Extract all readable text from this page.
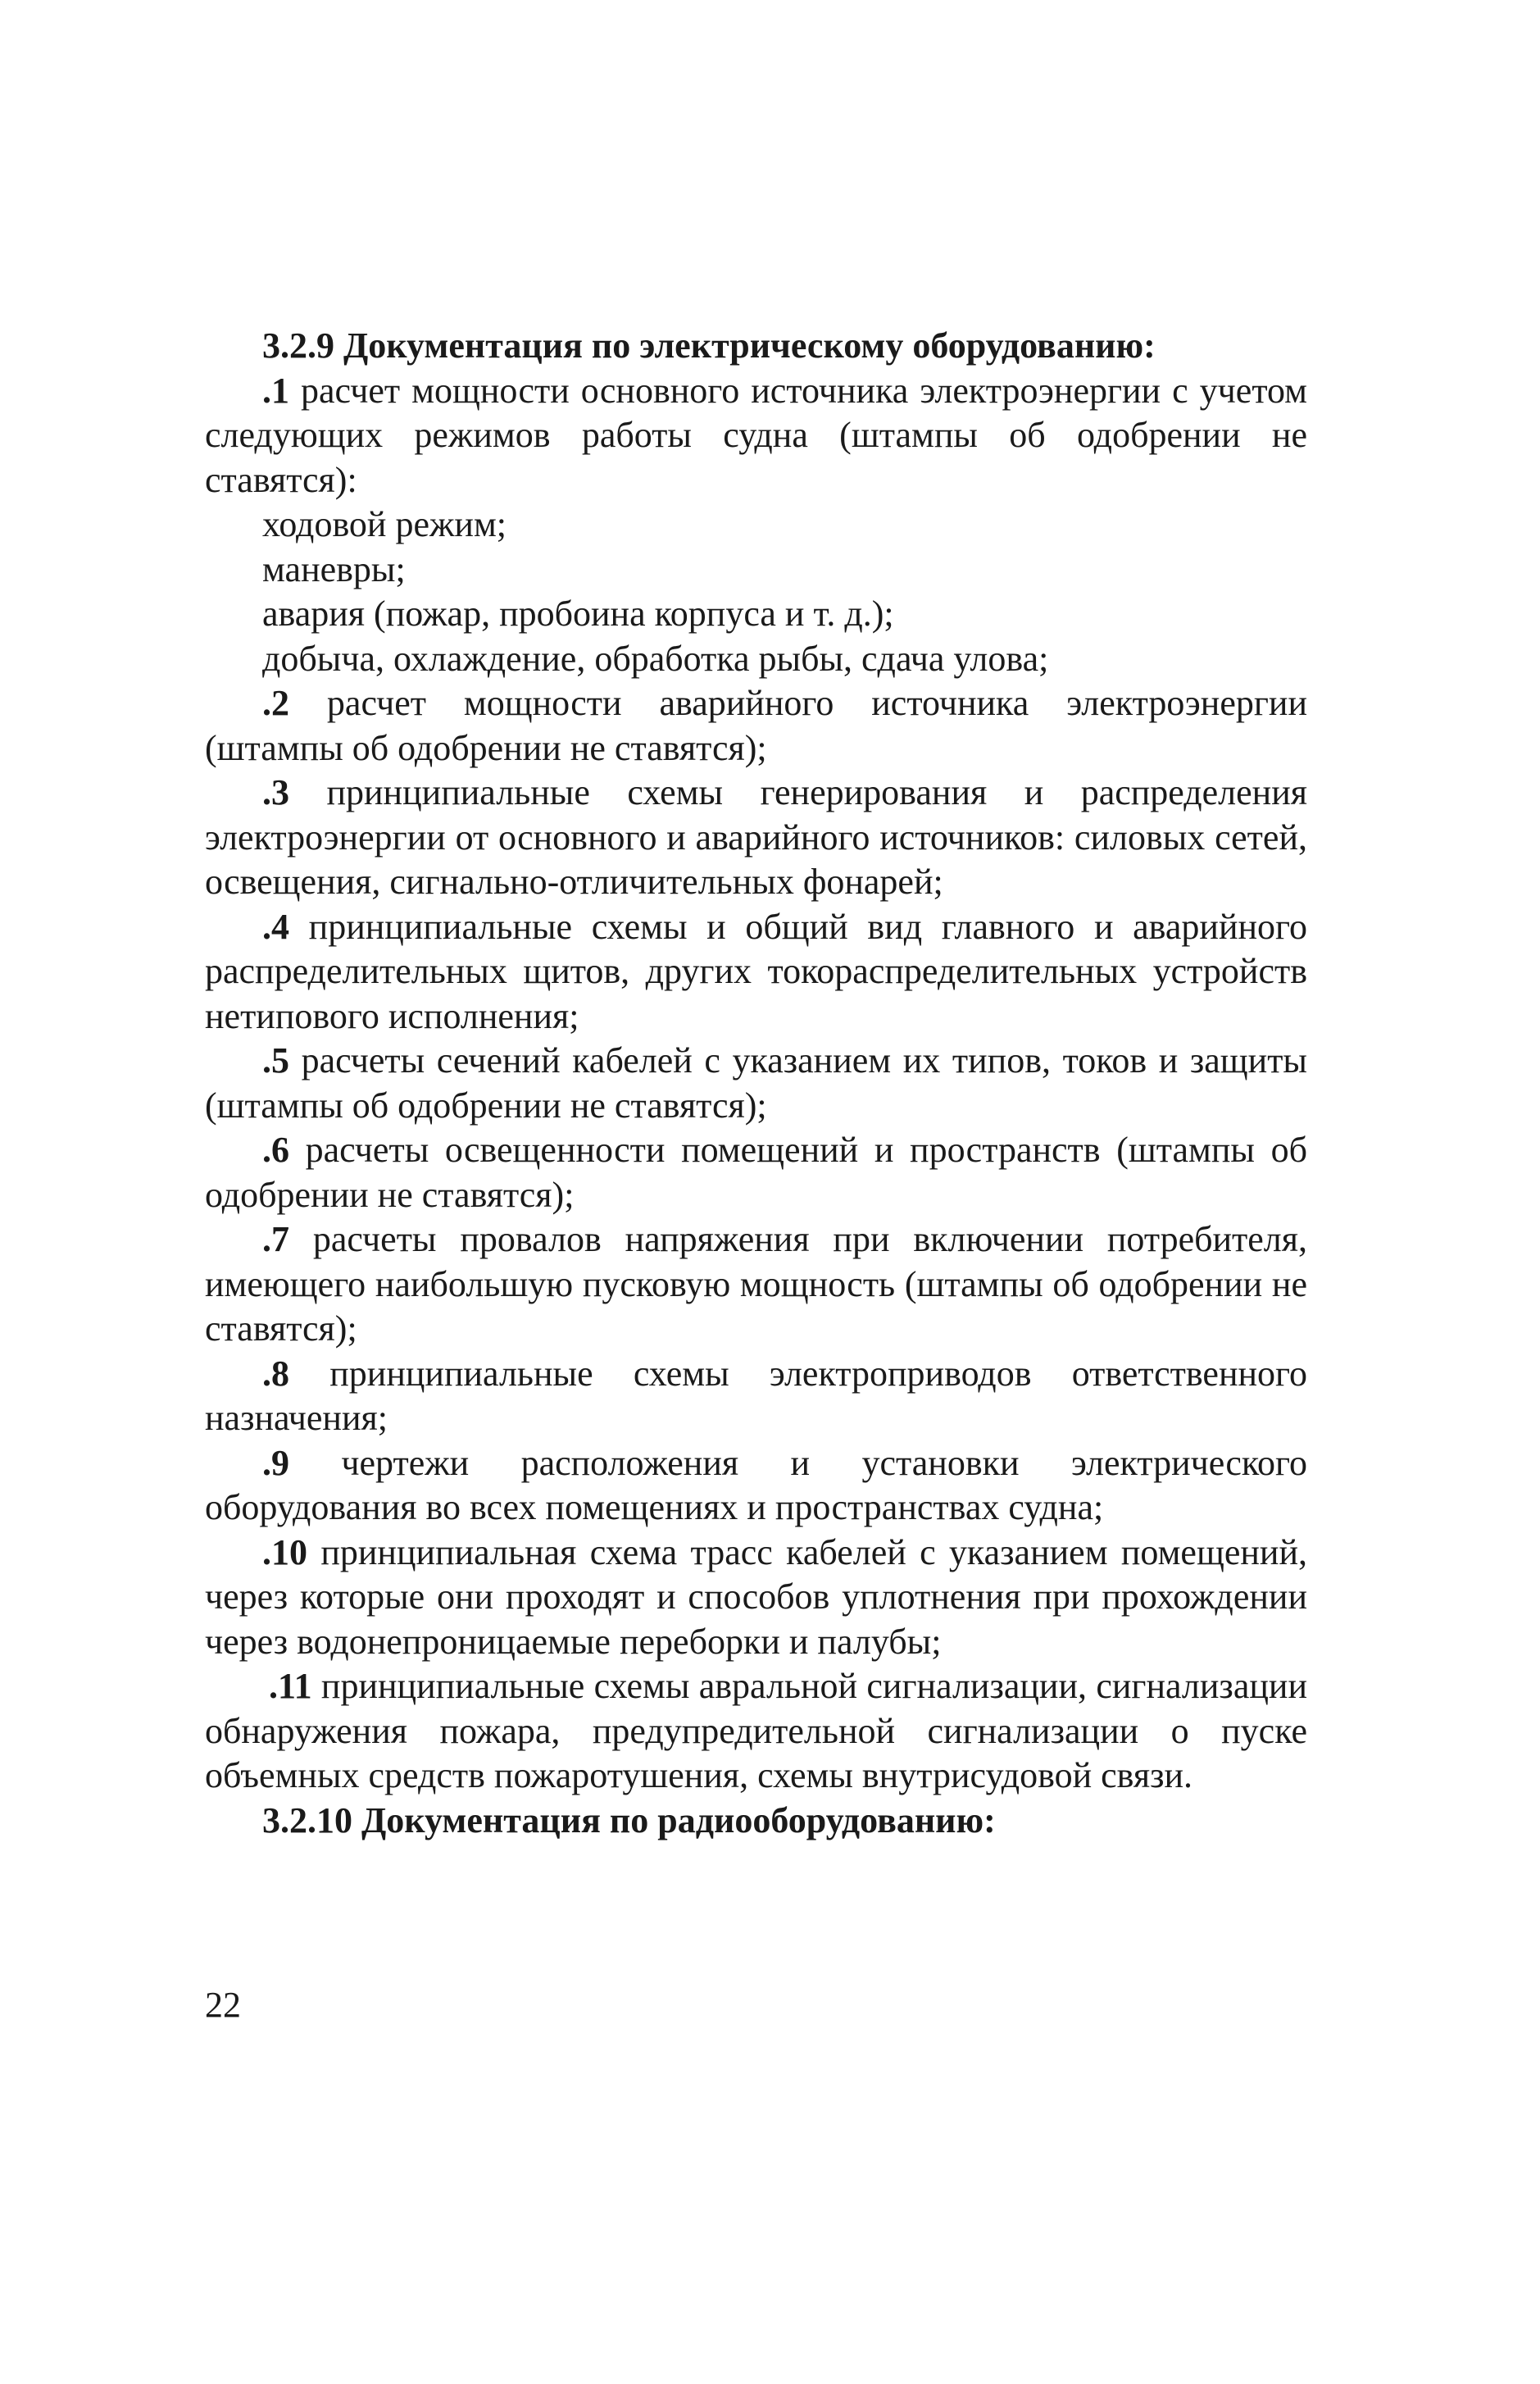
3.2.9 Документация по электрическому оборудованию:

.1 расчет мощности основного источника электроэнергии с учетом следующих режимов работы судна (штампы об одобрении не ставятся):

ходовой режим;

маневры;

авария (пожар, пробоина корпуса и т. д.);

добыча, охлаждение, обработка рыбы, сдача улова;

.2 расчет мощности аварийного источника электроэнергии (штампы об одобрении не ставятся);

.3 принципиальные схемы генерирования и распределения электроэнергии от основного и аварийного источников: силовых сетей, освещения, сигнально-отличительных фонарей;

.4 принципиальные схемы и общий вид главного и аварийного распределительных щитов, других токораспределительных устройств нетипового исполнения;

.5 расчеты сечений кабелей с указанием их типов, токов и защиты (штампы об одобрении не ставятся);

.6 расчеты освещенности помещений и пространств (штампы об одобрении не ставятся);

.7 расчеты провалов напряжения при включении потребителя, имеющего наибольшую пусковую мощность (штампы об одобрении не ставятся);

.8 принципиальные схемы электроприводов ответственного назначения;

.9 чертежи расположения и установки электрического оборудования во всех помещениях и пространствах судна;

.10 принципиальная схема трасс кабелей с указанием помещений, через которые они проходят и способов уплотнения при прохождении через водонепроницаемые переборки и палубы;

.11 принципиальные схемы авральной сигнализации, сигнализации обнаружения пожара, предупредительной сигнализации о пуске объемных средств пожаротушения, схемы внутрисудовой связи.

3.2.10 Документация по радиооборудованию:

22
